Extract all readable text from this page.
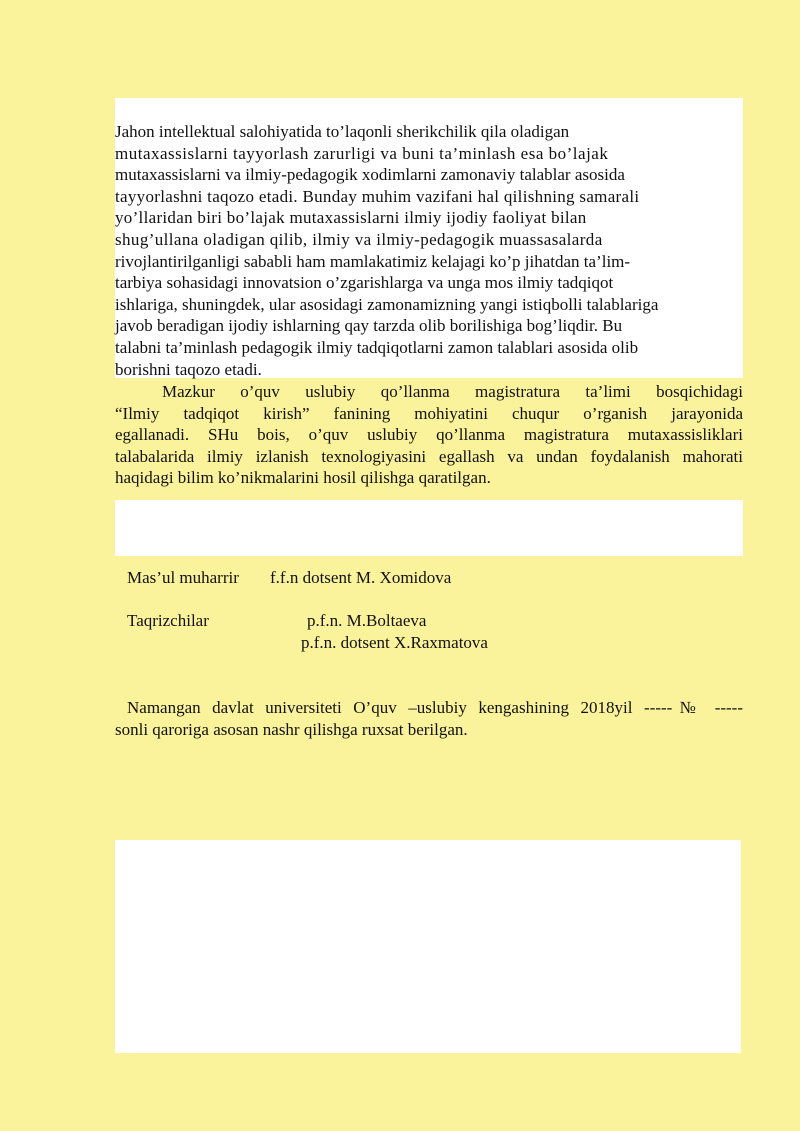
Jahon intellektual salohiyatida to’laqonli sherikchilik qila oladigan
mutaxassislarni tayyorlash zarurligi va buni ta’minlash esa bo’lajak
mutaxassislarni va ilmiy-pedagogik xodimlarni zamonaviy talablar asosida
tayyorlashni taqozo etadi. Bunday muhim vazifani hal qilishning samarali
yo’llaridan biri bo’lajak mutaxassislarni ilmiy ijodiy faoliyat bilan
shug’ullana oladigan qilib, ilmiy va ilmiy-pedagogik muassasalarda
rivojlantirilganligi sababli ham mamlakatimiz kelajagi ko’p jihatdan ta’lim-
tarbiya sohasidagi innovatsion o’zgarishlarga va unga mos ilmiy tadqiqot
ishlariga, shuningdek, ular asosidagi zamonamizning yangi istiqbolli talablariga
javob beradigan ijodiy ishlarning qay tarzda olib borilishiga bog’liqdir. Bu
talabni ta’minlash pedagogik ilmiy tadqiqotlarni zamon talablari asosida olib
borishni taqozo etadi.
Mazkur o’quv uslubiy qo’llanma magistratura ta’limi bosqichidagi
“Ilmiy tadqiqot kirish” fanining mohiyatini chuqur o’rganish jarayonida
egallanadi. SHu bois, o’quv uslubiy qo’llanma magistratura mutaxassisliklari
talabalarida ilmiy izlanish texnologiyasini egallash va undan foydalanish mahorati
haqidagi bilim ko’nikmalarini hosil qilishga qaratilgan.
Mas’ul muharrir f.f.n dotsent M. Xomidova
Taqrizchilar	p.f.n. M.Boltaeva
p.f.n. dotsent X.Raxmatova
Namangan davlat universiteti O’quv –uslubiy kengashining 2018yil -----№ -----
sonli qaroriga asosan nashr qilishga ruxsat berilgan.
